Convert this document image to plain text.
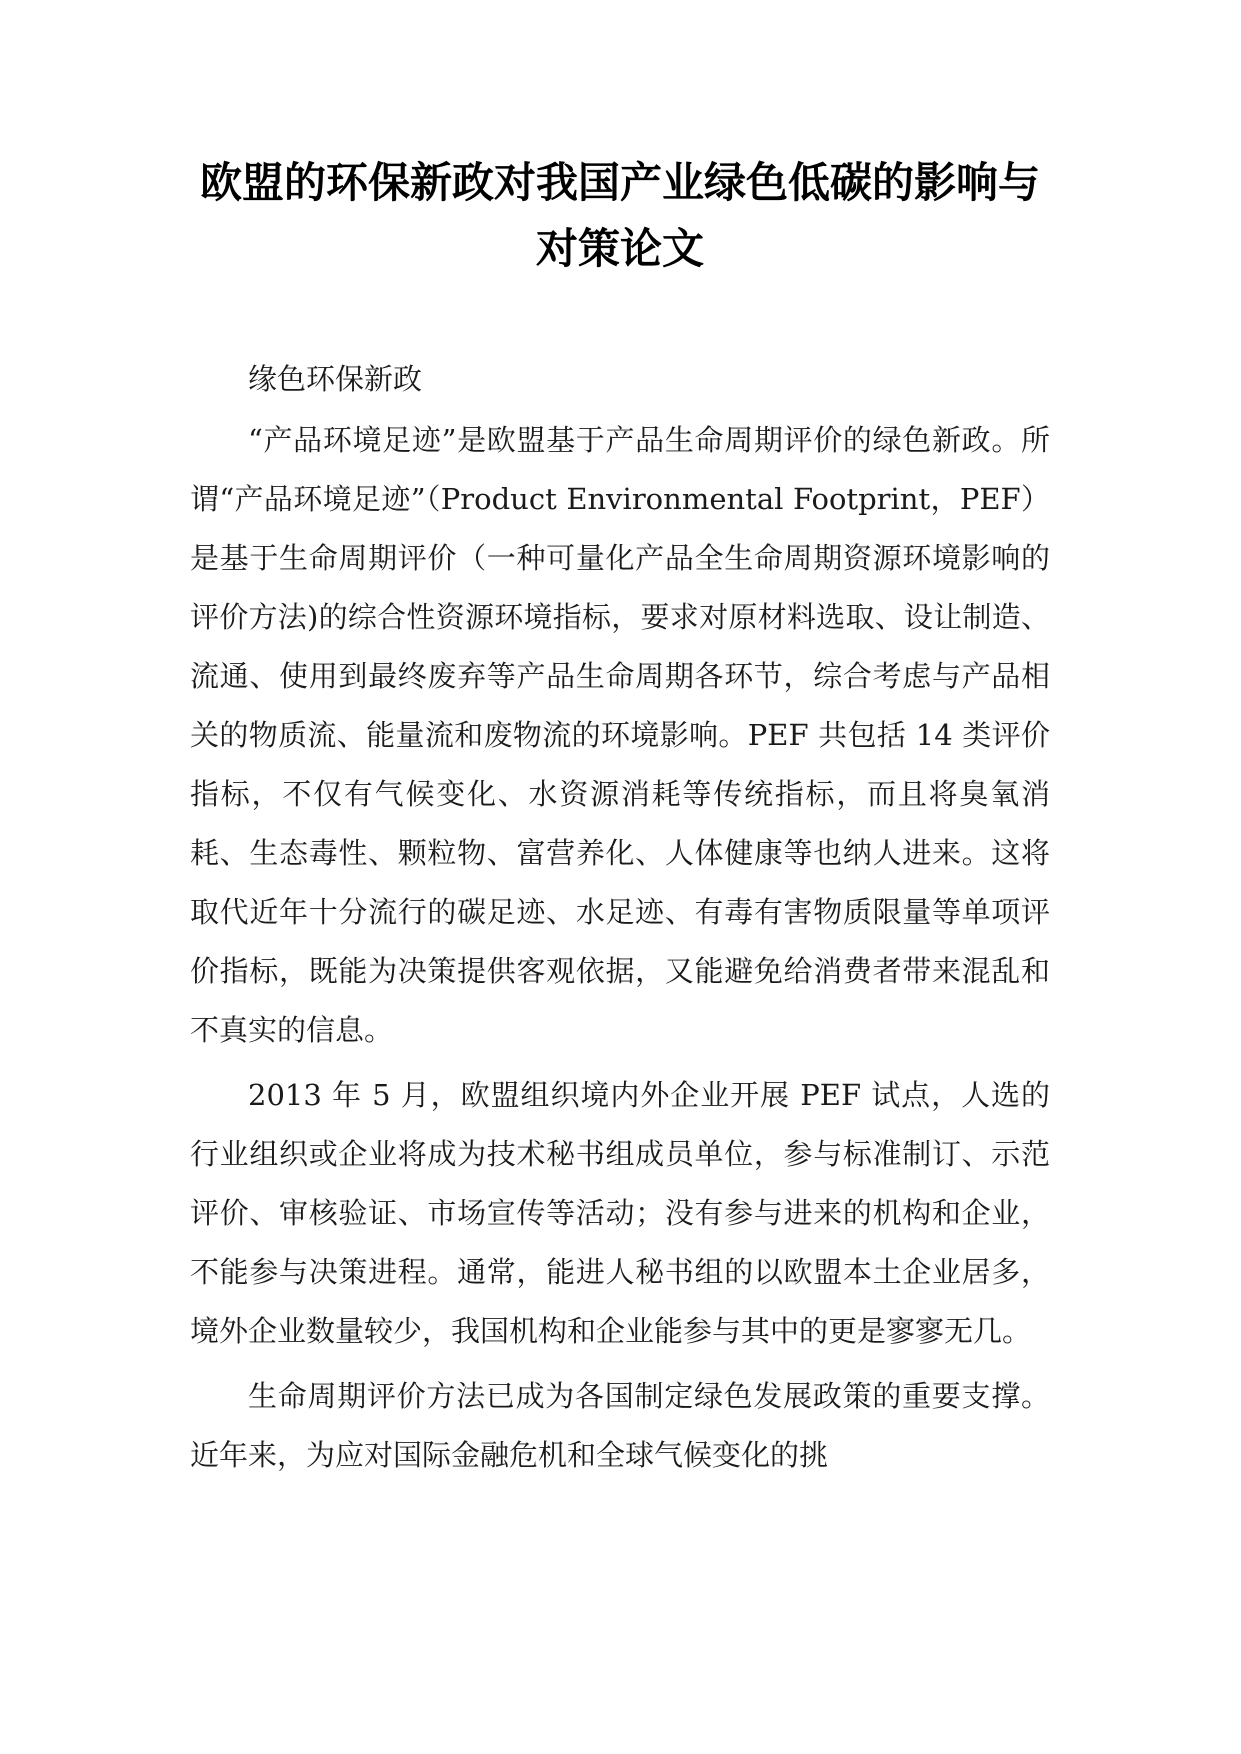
欧盟的环保新政对我国产业绿色低碳的影响与对策论文

缘色环保新政

“产品环境足迹”是欧盟基于产品生命周期评价的绿色新政。所谓“产品环境足迹”（Product Environmental Footprint，PEF）是基于生命周期评价（一种可量化产品全生命周期资源环境影响的评价方法)的综合性资源环境指标，要求对原材料选取、设让制造、流通、使用到最终废弃等产品生命周期各环节，综合考虑与产品相关的物质流、能量流和废物流的环境影响。PEF 共包括 14 类评价指标，不仅有气候变化、水资源消耗等传统指标，而且将臭氧消耗、生态毒性、颗粒物、富营养化、人体健康等也纳人进来。这将取代近年十分流行的碳足迹、水足迹、有毒有害物质限量等单项评价指标，既能为决策提供客观依据，又能避免给消费者带来混乱和不真实的信息。

2013 年 5 月，欧盟组织境内外企业开展 PEF 试点，人选的行业组织或企业将成为技术秘书组成员单位，参与标准制订、示范评价、审核验证、市场宣传等活动；没有参与进来的机构和企业，不能参与决策进程。通常，能进人秘书组的以欧盟本土企业居多，境外企业数量较少，我国机构和企业能参与其中的更是寥寥无几。

生命周期评价方法已成为各国制定绿色发展政策的重要支撑。近年来，为应对国际金融危机和全球气候变化的挑
